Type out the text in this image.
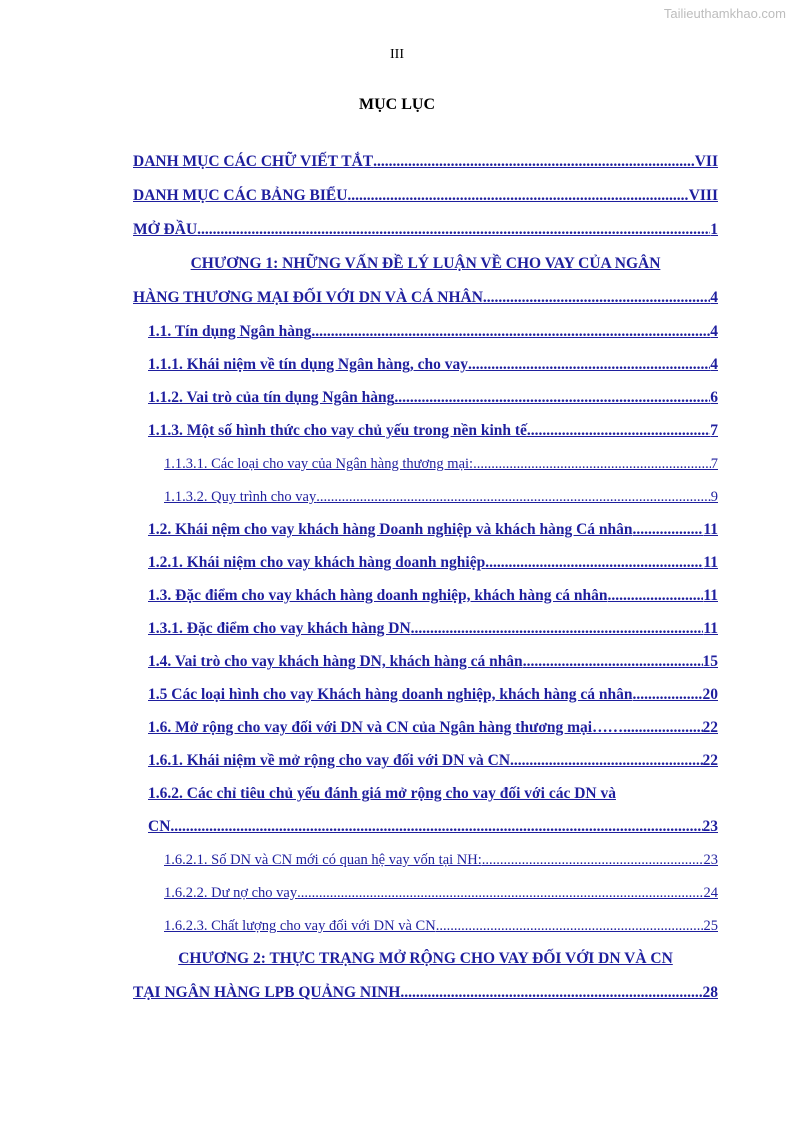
Tailieuthamkhao.com
III
MỤC LỤC
DANH MỤC CÁC CHỮ VIẾT TẮT .....	VII
DANH MỤC CÁC BẢNG BIỂU .....	VIII
MỞ ĐẦU .....	1
CHƯƠNG 1: NHỮNG VẤN ĐỀ LÝ LUẬN VỀ CHO VAY CỦA NGÂN
HÀNG THƯƠNG MẠI ĐỐI VỚI DN VÀ CÁ NHÂN .....	4
1.1. Tín dụng Ngân hàng .....	4
1.1.1. Khái niệm về tín dụng Ngân hàng, cho vay .....	4
1.1.2. Vai trò của tín dụng Ngân hàng .....	6
1.1.3. Một số hình thức cho vay chủ yếu trong nền kinh tế .....	7
1.1.3.1. Các loại cho vay của Ngân hàng thương mại: .....	7
1.1.3.2. Quy trình cho vay .....	9
1.2. Khái nệm cho vay khách hàng Doanh nghiệp và khách hàng Cá nhân .....	11
1.2.1. Khái niệm cho vay khách hàng doanh nghiệp .....	11
1.3. Đặc điểm cho vay khách hàng doanh nghiệp, khách hàng cá nhân .....	11
1.3.1. Đặc điểm cho vay khách hàng DN .....	11
1.4. Vai trò cho vay khách hàng DN, khách hàng cá nhân .....	15
1.5 Các loại hình cho vay Khách hàng doanh nghiệp, khách hàng cá nhân .....	20
1.6. Mở rộng cho vay đối với DN và CN của Ngân hàng thương mại…… .....	22
1.6.1. Khái niệm về mở rộng cho vay đối với DN và CN .....	22
1.6.2. Các chỉ tiêu chủ yếu đánh giá mở rộng cho vay đối với các DN và
CN .....	23
1.6.2.1. Số DN và CN mới có quan hệ vay vốn tại NH: .....	23
1.6.2.2. Dư nợ cho vay .....	24
1.6.2.3. Chất lượng cho vay đối với DN và CN .....	25
CHƯƠNG 2: THỰC TRẠNG MỞ RỘNG CHO VAY ĐỐI VỚI DN VÀ CN
TẠI NGÂN HÀNG LPB QUẢNG NINH .....	28
